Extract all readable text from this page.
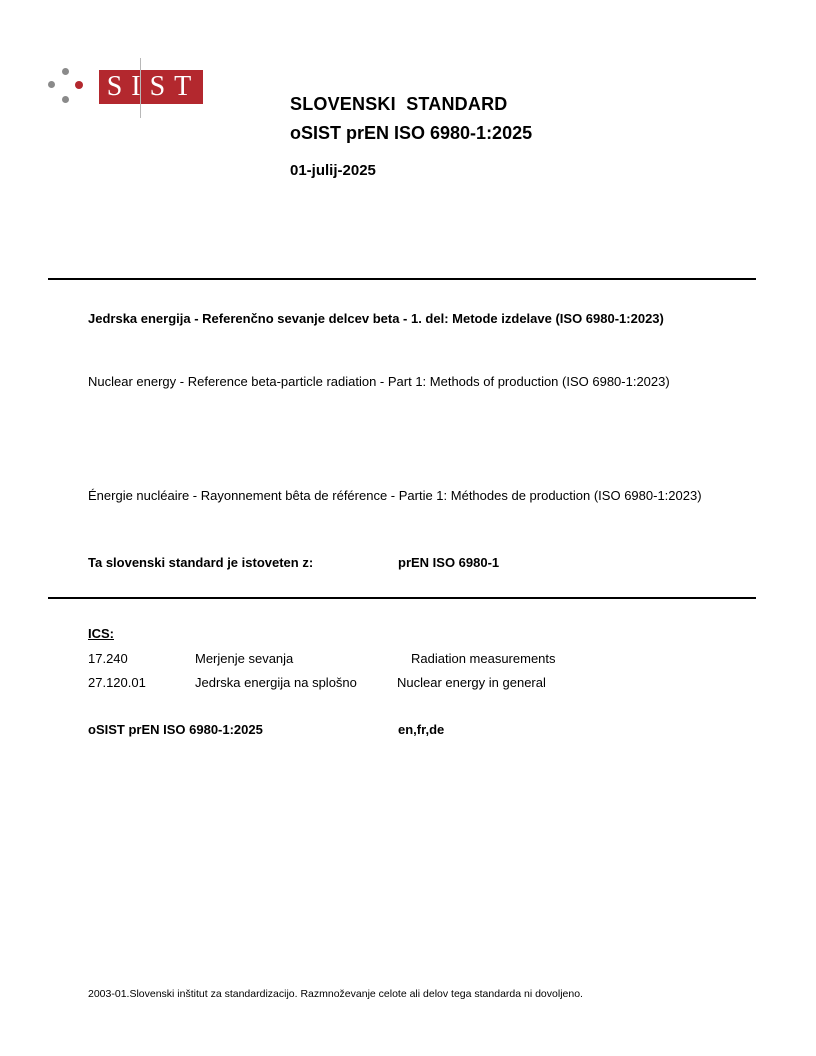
SIST
SLOVENSKI  STANDARD
oSIST prEN ISO 6980-1:2025
01-julij-2025
Jedrska energija - Referenčno sevanje delcev beta - 1. del: Metode izdelave (ISO 6980-1:2023)
Nuclear energy - Reference beta-particle radiation - Part 1: Methods of production (ISO 6980-1:2023)
Énergie nucléaire - Rayonnement bêta de référence - Partie 1: Méthodes de production (ISO 6980-1:2023)
Ta slovenski standard je istoveten z:	prEN ISO 6980-1
ICS:
17.240	Merjenje sevanja	Radiation measurements
27.120.01	Jedrska energija na splošno	Nuclear energy in general
oSIST prEN ISO 6980-1:2025	en,fr,de
2003-01.Slovenski inštitut za standardizacijo. Razmnoževanje celote ali delov tega standarda ni dovoljeno.
